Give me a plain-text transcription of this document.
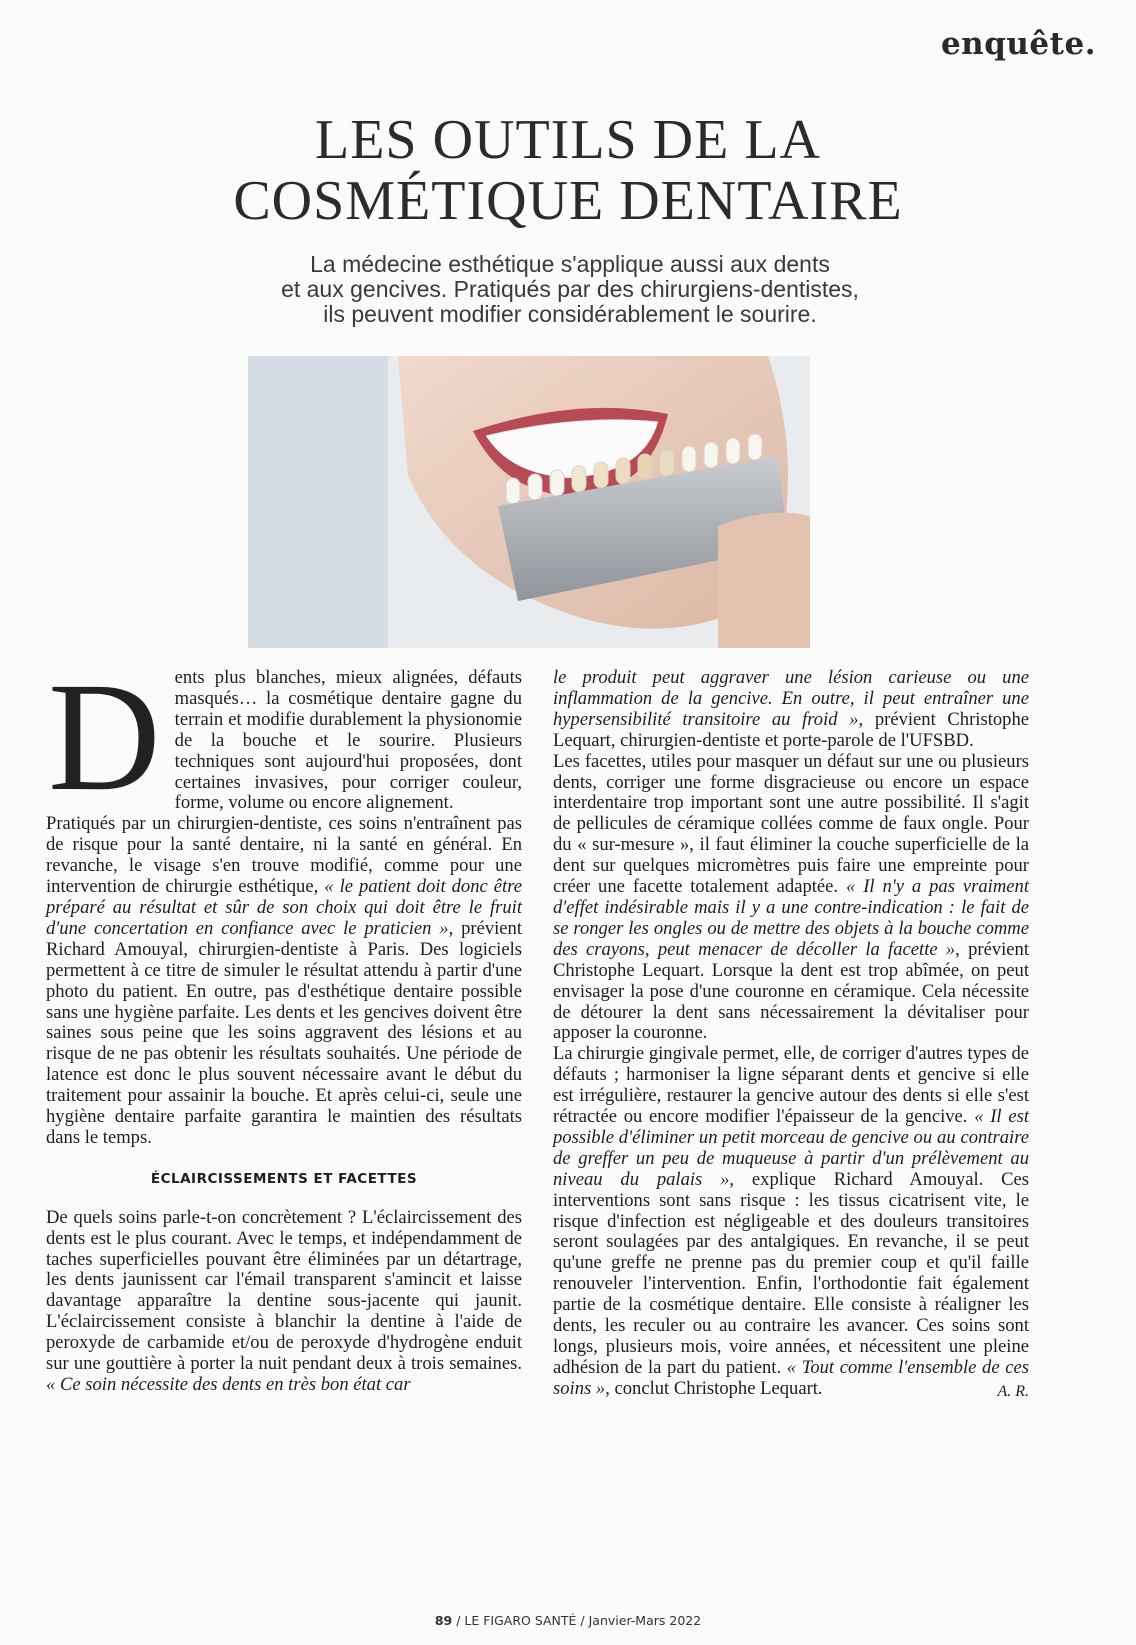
enquête.
LES OUTILS DE LA
COSMÉTIQUE DENTAIRE

La médecine esthétique s'applique aussi aux dents
et aux gencives. Pratiqués par des chirurgiens-dentistes,
ils peuvent modifier considérablement le sourire.

D ents plus blanches, mieux alignées, défauts masqués… la cosmétique dentaire gagne du terrain et modifie durablement la physionomie de la bouche et le sourire. Plusieurs techniques sont aujourd'hui proposées, dont certaines invasives, pour corriger couleur, forme, volume ou encore alignement.

Pratiqués par un chirurgien-dentiste, ces soins n'entraînent pas de risque pour la santé dentaire, ni la santé en général. En revanche, le visage s'en trouve modifié, comme pour une intervention de chirurgie esthétique, « le patient doit donc être préparé au résultat et sûr de son choix qui doit être le fruit d'une concertation en confiance avec le praticien », prévient Richard Amouyal, chirurgien-dentiste à Paris. Des logiciels permettent à ce titre de simuler le résultat attendu à partir d'une photo du patient. En outre, pas d'esthétique dentaire possible sans une hygiène parfaite. Les dents et les gencives doivent être saines sous peine que les soins aggravent des lésions et au risque de ne pas obtenir les résultats souhaités. Une période de latence est donc le plus souvent nécessaire avant le début du traitement pour assainir la bouche. Et après celui-ci, seule une hygiène dentaire parfaite garantira le maintien des résultats dans le temps.

ÉCLAIRCISSEMENTS ET FACETTES

De quels soins parle-t-on concrètement ? L'éclaircissement des dents est le plus courant. Avec le temps, et indépendamment de taches superficielles pouvant être éliminées par un détartrage, les dents jaunissent car l'émail transparent s'amincit et laisse davantage apparaître la dentine sous-jacente qui jaunit. L'éclaircissement consiste à blanchir la dentine à l'aide de peroxyde de carbamide et/ou de peroxyde d'hydrogène enduit sur une gouttière à porter la nuit pendant deux à trois semaines. « Ce soin nécessite des dents en très bon état car

le produit peut aggraver une lésion carieuse ou une inflammation de la gencive. En outre, il peut entraîner une hypersensibilité transitoire au froid », prévient Christophe Lequart, chirurgien-dentiste et porte-parole de l'UFSBD.

Les facettes, utiles pour masquer un défaut sur une ou plusieurs dents, corriger une forme disgracieuse ou encore un espace interdentaire trop important sont une autre possibilité. Il s'agit de pellicules de céramique collées comme de faux ongle. Pour du « sur-mesure », il faut éliminer la couche superficielle de la dent sur quelques micromètres puis faire une empreinte pour créer une facette totalement adaptée. « Il n'y a pas vraiment d'effet indésirable mais il y a une contre-indication : le fait de se ronger les ongles ou de mettre des objets à la bouche comme des crayons, peut menacer de décoller la facette », prévient Christophe Lequart. Lorsque la dent est trop abîmée, on peut envisager la pose d'une couronne en céramique. Cela nécessite de détourer la dent sans nécessairement la dévitaliser pour apposer la couronne.

La chirurgie gingivale permet, elle, de corriger d'autres types de défauts ; harmoniser la ligne séparant dents et gencive si elle est irrégulière, restaurer la gencive autour des dents si elle s'est rétractée ou encore modifier l'épaisseur de la gencive. « Il est possible d'éliminer un petit morceau de gencive ou au contraire de greffer un peu de muqueuse à partir d'un prélèvement au niveau du palais », explique Richard Amouyal. Ces interventions sont sans risque : les tissus cicatrisent vite, le risque d'infection est négligeable et des douleurs transitoires seront soulagées par des antalgiques. En revanche, il se peut qu'une greffe ne prenne pas du premier coup et qu'il faille renouveler l'intervention. Enfin, l'orthodontie fait également partie de la cosmétique dentaire. Elle consiste à réaligner les dents, les reculer ou au contraire les avancer. Ces soins sont longs, plusieurs mois, voire années, et nécessitent une pleine adhésion de la part du patient. « Tout comme l'ensemble de ces soins », conclut Christophe Lequart.	A. R.

89 / LE FIGARO SANTÉ / Janvier-Mars 2022
